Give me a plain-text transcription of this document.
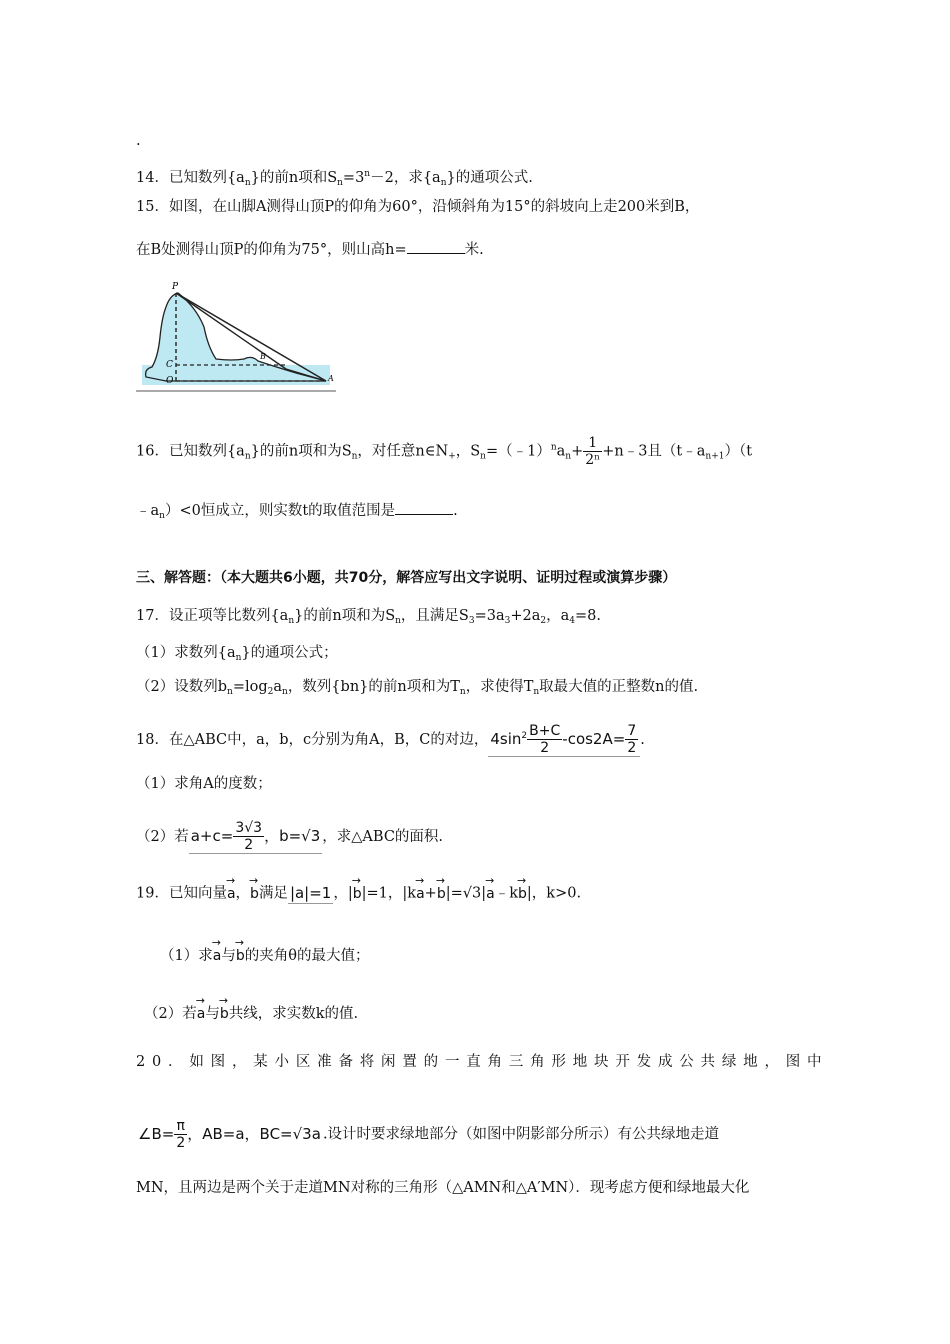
.
14．已知数列$\{a_n\}$的前n项和$S_n=3^n-2$，求$\{a_n\}$的通项公式.
15．如图，在山脚A测得山顶P的仰角为60°，沿倾斜角为15°的斜坡向上走200米到B，
在B处测得山顶P的仰角为75°，则山高h=	米.
P
C
O
B
A
16．已知数列$\{a_n\}$的前n项和为$S_n$，对任意$n\in N_+$，$S_n=(﹣1)^na_n+ \frac{1}{\text{2ⁿ}}$ +n﹣3且$(t﹣a_{n+1})(t$
$﹣a_n)<0$恒成立，则实数t的取值范围是	.
三、解答题：（本大题共6小题，共70分，解答应写出文字说明、证明过程或演算步骤）
17．设正项等比数列$\{a_n\}$的前n项和为$S_n$，且满足$S_3=3a_3+2a_2$，$a_4=8$.
（1）求数列$\{a_n\}$的通项公式；
（2）设数列$b_n=\log_2a_n$，数列{bn}的前n项和为$T_n$，求使得$T_n$取最大值的正整数n的值.
18．在△ABC中，a，b，c分别为角A，B，C的对边， $4\sin^2 \frac{B+C}{2} -\cos 2A= \frac{7}{2}$ .
（1）求角A的度数；
（2）若 $a+c= \frac{3√3}{2}$ ，b=√3 ，求△ABC的面积.
19．已知向量→ a，→ b满足 |a|=1 ，|→ b|=1，|k→ a+→ b|=√3|→ a﹣k→ b|，k>0.
（1）求→ a与→ b的夹角θ的最大值；
（2）若→ a与→ b共线，求实数k的值.
20．如图，某小区准备将闲置的一直角三角形地块开发成公共绿地，图中
∠B= $\frac{\pi}{2}$ ，AB=a，BC=√3a .设计时要求绿地部分（如图中阴影部分所示）有公共绿地走道
MN，且两边是两个关于走道MN对称的三角形（△AMN和△A′MN）．现考虑方便和绿地最大化
